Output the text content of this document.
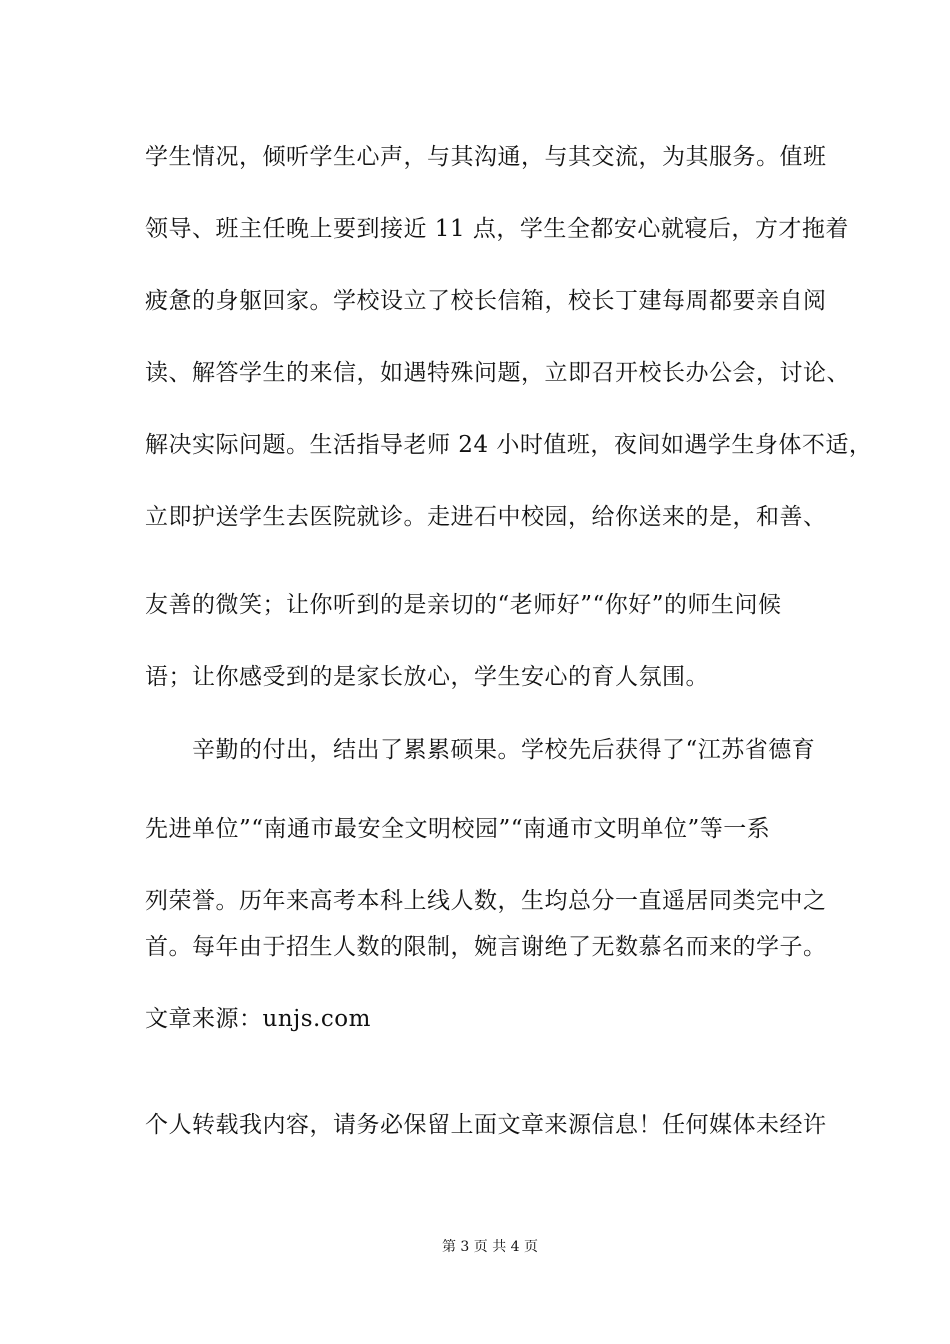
学生情况，倾听学生心声，与其沟通，与其交流，为其服务。值班
领导、班主任晚上要到接近 11 点，学生全都安心就寝后，方才拖着
疲惫的身躯回家。学校设立了校长信箱，校长丁建每周都要亲自阅
读、解答学生的来信，如遇特殊问题，立即召开校长办公会，讨论、
解决实际问题。生活指导老师 24 小时值班，夜间如遇学生身体不适，
立即护送学生去医院就诊。走进石中校园，给你送来的是，和善、
友善的微笑；让你听到的是亲切的“老师好”“你好”的师生问候
语；让你感受到的是家长放心，学生安心的育人氛围。
辛勤的付出，结出了累累硕果。学校先后获得了“江苏省德育
先进单位”“南通市最安全文明校园”“南通市文明单位”等一系
列荣誉。历年来高考本科上线人数，生均总分一直遥居同类完中之
首。每年由于招生人数的限制，婉言谢绝了无数慕名而来的学子。
文章来源：unjs.com
个人转载我内容，请务必保留上面文章来源信息！任何媒体未经许
第 3 页 共 4 页
